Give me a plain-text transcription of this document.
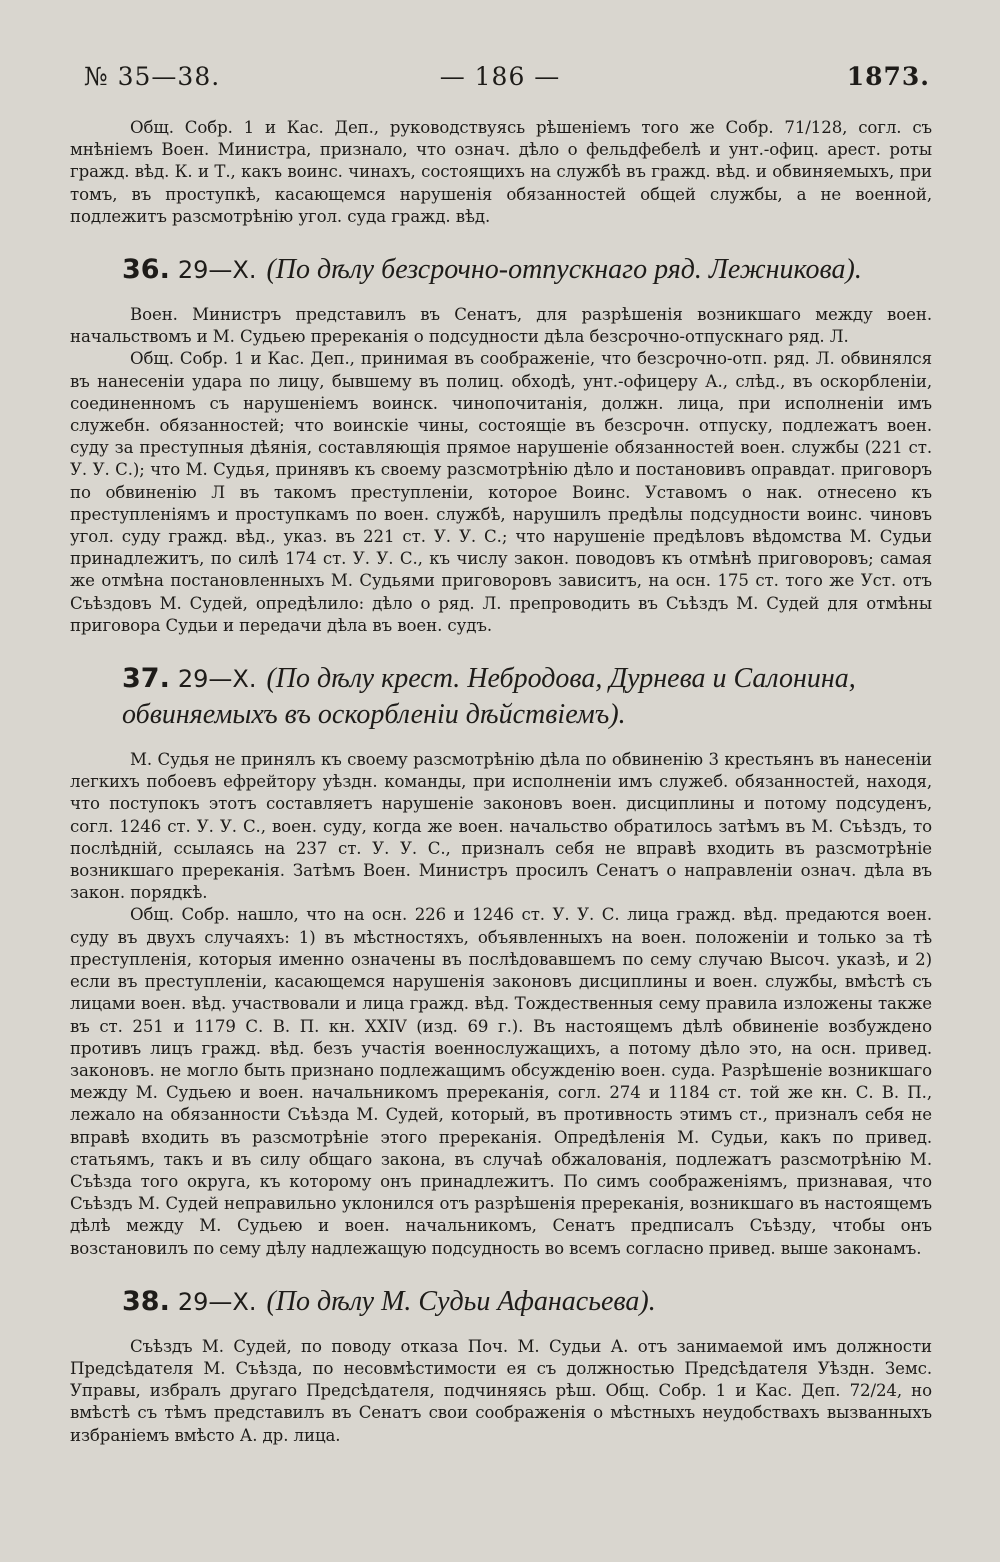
— 186 —
№ 35—38.	1873.

Общ. Собр. 1 и Кас. Деп., руководствуясь рѣшеніемъ того же Собр. 71/128, согл. съ мнѣніемъ Воен. Министра, признало, что означ. дѣло о фельдфебелѣ и унт.-офиц. арест. роты гражд. вѣд. К. и Т., какъ воинс. чинахъ, состоящихъ на службѣ въ гражд. вѣд. и обвиняемыхъ, при томъ, въ проступкѣ, касающемся нарушенія обязанностей общей службы, а не военной, подлежитъ разсмотрѣнію угол. суда гражд. вѣд.

36. 29—X. (По дѣлу безсрочно-отпускнаго ряд. Лежникова).

Воен. Министръ представилъ въ Сенатъ, для разрѣшенія возникшаго между воен. начальствомъ и М. Судьею пререканія о подсудности дѣла безсрочно-отпускнаго ряд. Л.

Общ. Собр. 1 и Кас. Деп., принимая въ соображеніе, что безсрочно-отп. ряд. Л. обвинялся въ нанесеніи удара по лицу, бывшему въ полиц. обходѣ, унт.-офицеру А., слѣд., въ оскорбленіи, соединенномъ съ нарушеніемъ воинск. чинопочитанія, должн. лица, при исполненіи имъ служебн. обязанностей; что воинскіе чины, состоящіе въ безсрочн. отпуску, подлежатъ воен. суду за преступныя дѣянія, составляющія прямое нарушеніе обязанностей воен. службы (221 ст. У. У. С.); что М. Судья, принявъ къ своему разсмотрѣнію дѣло и постановивъ оправдат. приговоръ по обвиненію Л въ такомъ преступленіи, которое Воинс. Уставомъ о нак. отнесено къ преступленіямъ и проступкамъ по воен. службѣ, нарушилъ предѣлы подсудности воинс. чиновъ угол. суду гражд. вѣд., указ. въ 221 ст. У. У. С.; что нарушеніе предѣловъ вѣдомства М. Судьи принадлежитъ, по силѣ 174 ст. У. У. С., къ числу закон. поводовъ къ отмѣнѣ приговоровъ; самая же отмѣна постановленныхъ М. Судьями приговоровъ зависитъ, на осн. 175 ст. того же Уст. отъ Съѣздовъ М. Судей, опредѣлило: дѣло о ряд. Л. препроводить въ Съѣздъ М. Судей для отмѣны приговора Судьи и передачи дѣла въ воен. судъ.

37. 29—X. (По дѣлу крест. Небродова, Дурнева и Салонина, обвиняемыхъ въ оскорбленіи дѣйствіемъ).

М. Судья не принялъ къ своему разсмотрѣнію дѣла по обвиненію 3 крестьянъ въ нанесеніи легкихъ побоевъ ефрейтору уѣздн. команды, при исполненіи имъ служеб. обязанностей, находя, что поступокъ этотъ составляетъ нарушеніе законовъ воен. дисциплины и потому подсуденъ, согл. 1246 ст. У. У. С., воен. суду, когда же воен. начальство обратилось затѣмъ въ М. Съѣздъ, то послѣдній, ссылаясь на 237 ст. У. У. С., призналъ себя не вправѣ входить въ разсмотрѣніе возникшаго пререканія. Затѣмъ Воен. Министръ просилъ Сенатъ о направленіи означ. дѣла въ закон. порядкѣ.

Общ. Собр. нашло, что на осн. 226 и 1246 ст. У. У. С. лица гражд. вѣд. предаются воен. суду въ двухъ случаяхъ: 1) въ мѣстностяхъ, объявленныхъ на воен. положеніи и только за тѣ преступленія, которыя именно означены въ послѣдовавшемъ по сему случаю Высоч. указѣ, и 2) если въ преступленіи, касающемся нарушенія законовъ дисциплины и воен. службы, вмѣстѣ съ лицами воен. вѣд. участвовали и лица гражд. вѣд. Тождественныя сему правила изложены также въ ст. 251 и 1179 С. В. П. кн. XXIV (изд. 69 г.). Въ настоящемъ дѣлѣ обвиненіе возбуждено противъ лицъ гражд. вѣд. безъ участія военнослужащихъ, а потому дѣло это, на осн. привед. законовъ. не могло быть признано подлежащимъ обсужденію воен. суда. Разрѣшеніе возникшаго между М. Судьею и воен. начальникомъ пререканія, согл. 274 и 1184 ст. той же кн. С. В. П., лежало на обязанности Съѣзда М. Судей, который, въ противность этимъ ст., призналъ себя не вправѣ входить въ разсмотрѣніе этого пререканія. Опредѣленія М. Судьи, какъ по привед. статьямъ, такъ и въ силу общаго закона, въ случаѣ обжалованія, подлежатъ разсмотрѣнію М. Съѣзда того округа, къ которому онъ принадлежитъ. По симъ соображеніямъ, признавая, что Съѣздъ М. Судей неправильно уклонился отъ разрѣшенія пререканія, возникшаго въ настоящемъ дѣлѣ между М. Судьею и воен. начальникомъ, Сенатъ предписалъ Съѣзду, чтобы онъ возстановилъ по сему дѣлу надлежащую подсудность во всемъ согласно привед. выше законамъ.

38. 29—X. (По дѣлу М. Судьи Афанасьева).

Съѣздъ М. Судей, по поводу отказа Поч. М. Судьи А. отъ занимаемой имъ должности Предсѣдателя М. Съѣзда, по несовмѣстимости ея съ должностью Предсѣдателя Уѣздн. Земс. Управы, избралъ другаго Предсѣдателя, подчиняясь рѣш. Общ. Собр. 1 и Кас. Деп. 72/24, но вмѣстѣ съ тѣмъ представилъ въ Сенатъ свои соображенія о мѣстныхъ неудобствахъ вызванныхъ избраніемъ вмѣсто А. др. лица.
